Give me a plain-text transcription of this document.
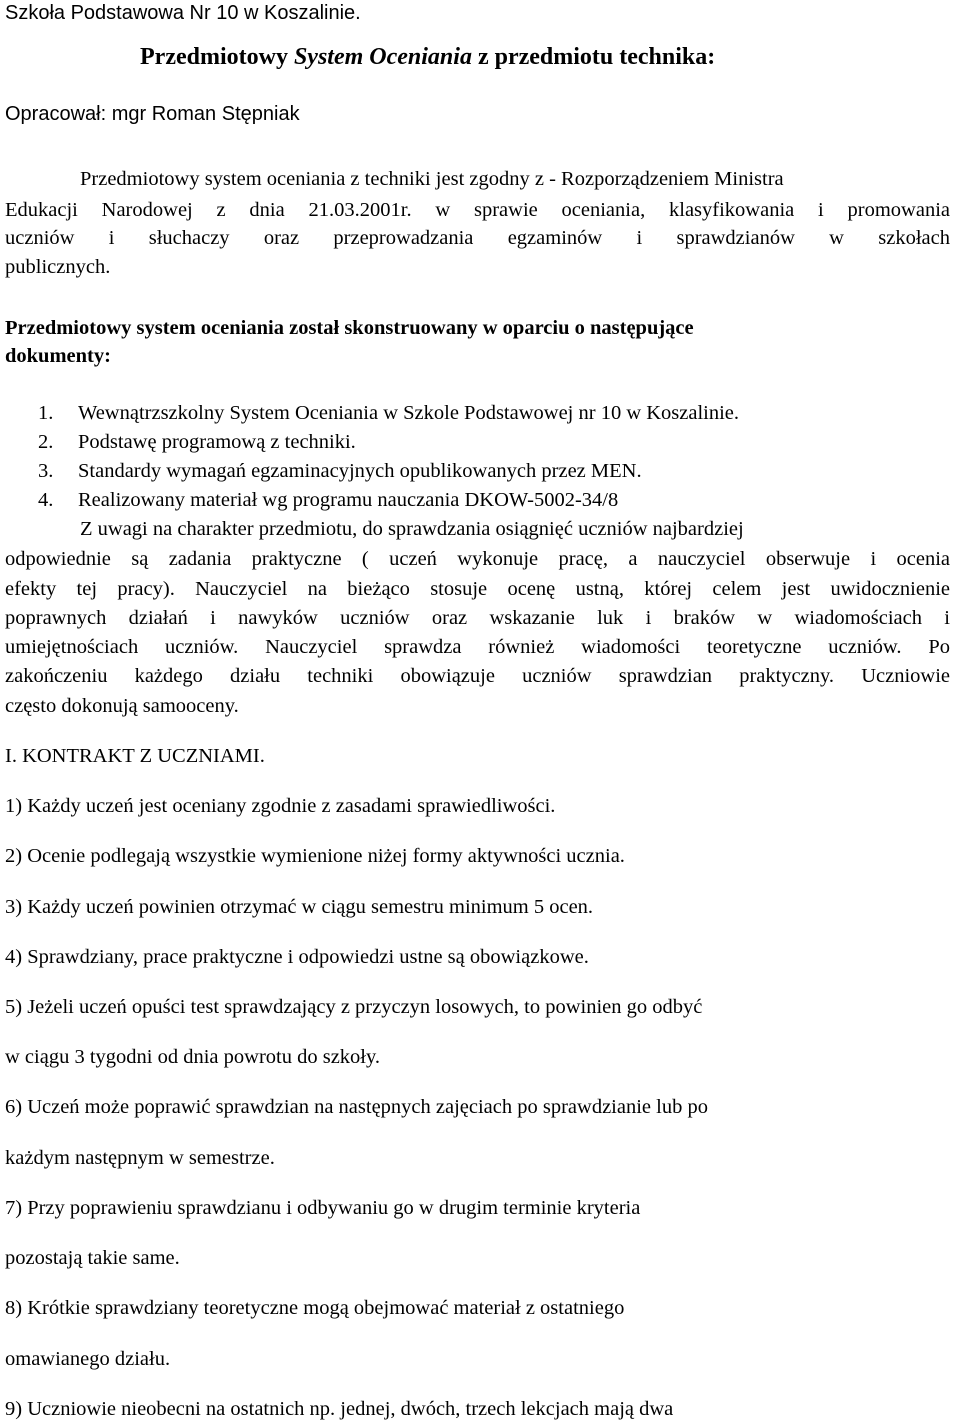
Szkoła Podstawowa Nr 10 w Koszalinie.
Przedmiotowy System Oceniania z przedmiotu technika:
Opracował: mgr Roman Stępniak
Przedmiotowy system oceniania z techniki jest zgodny z - Rozporządzeniem Ministra
Edukacji Narodowej z dnia 21.03.2001r. w sprawie oceniania, klasyfikowania i promowania
uczniów i słuchaczy oraz przeprowadzania egzaminów i sprawdzianów w szkołach
publicznych.
Przedmiotowy system oceniania został skonstruowany w oparciu o następujące
dokumenty:
1. Wewnątrzszkolny System Oceniania w Szkole Podstawowej nr 10 w Koszalinie.
2. Podstawę programową z techniki.
3. Standardy wymagań egzaminacyjnych opublikowanych przez MEN.
4. Realizowany materiał wg programu nauczania DKOW-5002-34/8
Z uwagi na charakter przedmiotu, do sprawdzania osiągnięć uczniów najbardziej
odpowiednie są zadania praktyczne ( uczeń wykonuje pracę, a nauczyciel obserwuje i ocenia
efekty tej pracy). Nauczyciel na bieżąco stosuje ocenę ustną, której celem jest uwidocznienie
poprawnych działań i nawyków uczniów oraz wskazanie luk i braków w wiadomościach i
umiejętnościach uczniów. Nauczyciel sprawdza również wiadomości teoretyczne uczniów. Po
zakończeniu każdego działu techniki obowiązuje uczniów sprawdzian praktyczny. Uczniowie
często dokonują samooceny.
I. KONTRAKT Z UCZNIAMI.
1) Każdy uczeń jest oceniany zgodnie z zasadami sprawiedliwości.
2) Ocenie podlegają wszystkie wymienione niżej formy aktywności ucznia.
3) Każdy uczeń powinien otrzymać w ciągu semestru minimum 5 ocen.
4) Sprawdziany, prace praktyczne i odpowiedzi ustne są obowiązkowe.
5) Jeżeli uczeń opuści test sprawdzający z przyczyn losowych, to powinien go odbyć
w ciągu 3 tygodni od dnia powrotu do szkoły.
6) Uczeń może poprawić sprawdzian na następnych zajęciach po sprawdzianie lub po
każdym następnym w semestrze.
7) Przy poprawieniu sprawdzianu i odbywaniu go w drugim terminie kryteria
pozostają takie same.
8) Krótkie sprawdziany teoretyczne mogą obejmować materiał z ostatniego
omawianego działu.
9) Uczniowie nieobecni na ostatnich np. jednej, dwóch, trzech lekcjach mają dwa
